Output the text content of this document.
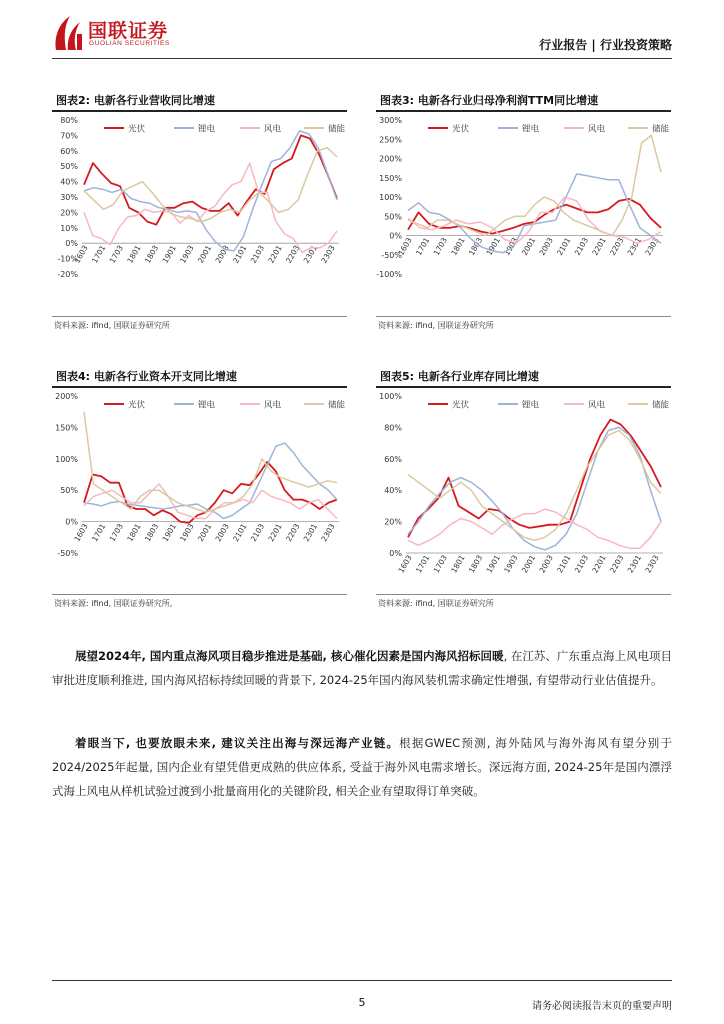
国联证券
GUOLIAN SECURITIES	行业报告 | 行业投资策略
图表2: 电新各行业营收同比增速
-20%
-10%
0%
10%
20%
30%
40%
50%
60%
70%
80%
1603 1701 1703 1801 1803 1901 1903 2001 2003 2101 2103 2201 2203 2301 2303
光伏	锂电	风电	储能
资料来源: ifind, 国联证券研究所
图表3: 电新各行业归母净利润TTM同比增速
-100%
-50%
0%
50%
100%
150%
200%
250%
300%
1603 1701 1703 1801 1803 1901 1903 2001 2003 2101 2103 2201 2203 2301 2303
光伏	锂电	风电	储能
资料来源: ifind, 国联证券研究所
图表4: 电新各行业资本开支同比增速
-50%
0%
50%
100%
150%
200%
1603 1701 1703 1801 1803 1901 1903 2001 2003 2101 2103 2201 2203 2301 2303
光伏	锂电	风电	储能
资料来源: ifind, 国联证券研究所,
图表5: 电新各行业库存同比增速
0%
20%
40%
60%
80%
100%
1603 1701 1703 1801 1803 1901 1903 2001 2003 2101 2103 2201 2203 2301 2303
光伏	锂电	风电	储能
资料来源: ifind, 国联证券研究所
展望2024年, 国内重点海风项目稳步推进是基础, 核心催化因素是国内海风招标回暖, 在江苏、广东重点海上风电项目审批进度顺利推进, 国内海风招标持续回暖的背景下, 2024-25年国内海风装机需求确定性增强, 有望带动行业估值提升。
着眼当下, 也要放眼未来, 建议关注出海与深远海产业链。根据GWEC预测, 海外陆风与海外海风有望分别于2024/2025年起量, 国内企业有望凭借更成熟的供应体系, 受益于海外风电需求增长。深远海方面, 2024-25年是国内漂浮式海上风电从样机试验过渡到小批量商用化的关键阶段, 相关企业有望取得订单突破。
5	请务必阅读报告末页的重要声明
